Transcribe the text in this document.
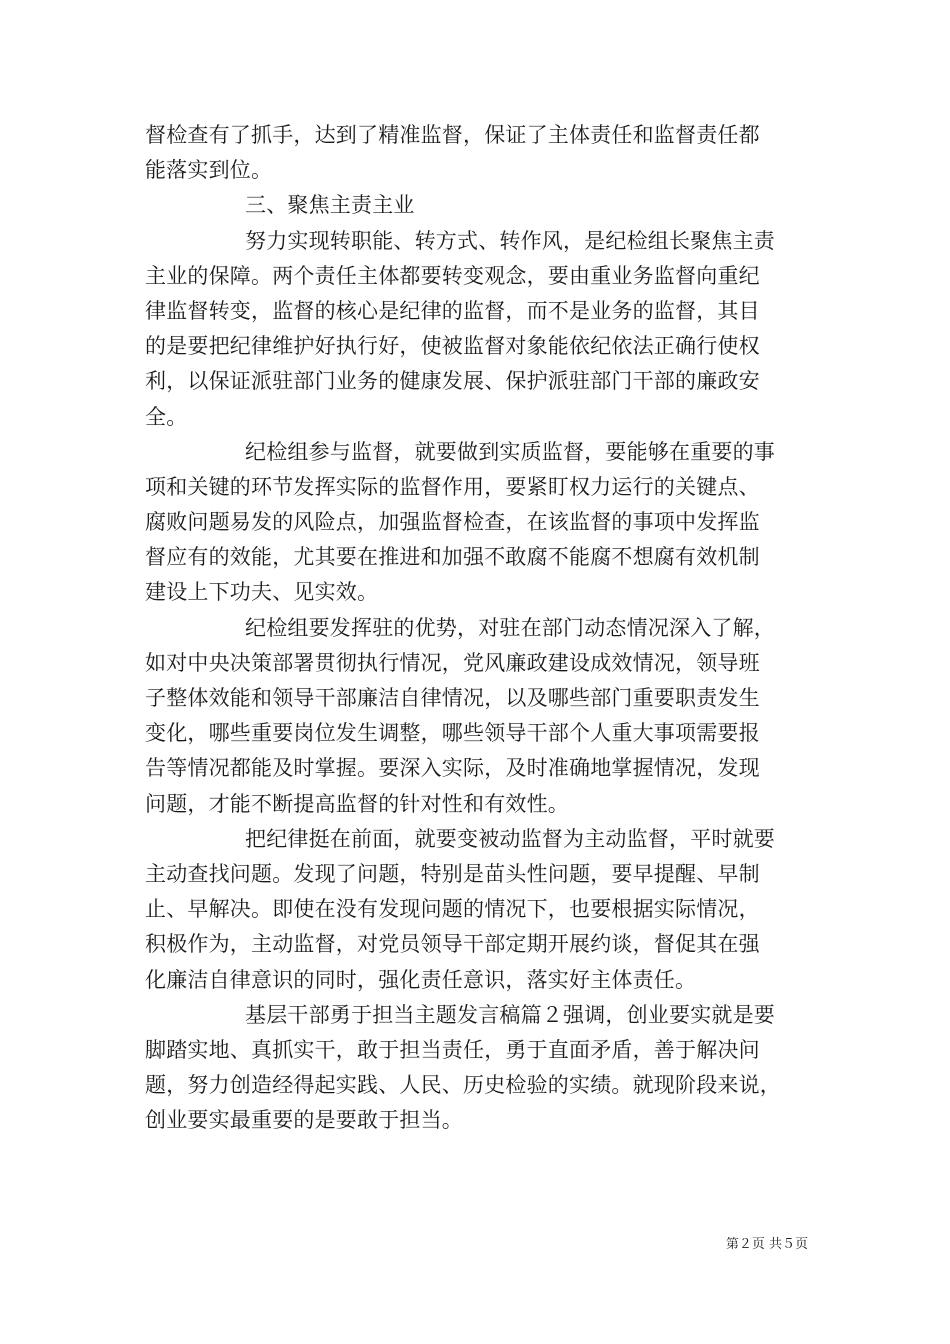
督检查有了抓手，达到了精准监督，保证了主体责任和监督责任都
能落实到位。
三、聚焦主责主业
努力实现转职能、转方式、转作风，是纪检组长聚焦主责
主业的保障。两个责任主体都要转变观念，要由重业务监督向重纪
律监督转变，监督的核心是纪律的监督，而不是业务的监督，其目
的是要把纪律维护好执行好，使被监督对象能依纪依法正确行使权
利，以保证派驻部门业务的健康发展、保护派驻部门干部的廉政安
全。
纪检组参与监督，就要做到实质监督，要能够在重要的事
项和关键的环节发挥实际的监督作用，要紧盯权力运行的关键点、
腐败问题易发的风险点，加强监督检查，在该监督的事项中发挥监
督应有的效能，尤其要在推进和加强不敢腐不能腐不想腐有效机制
建设上下功夫、见实效。
纪检组要发挥驻的优势，对驻在部门动态情况深入了解，
如对中央决策部署贯彻执行情况，党风廉政建设成效情况，领导班
子整体效能和领导干部廉洁自律情况，以及哪些部门重要职责发生
变化，哪些重要岗位发生调整，哪些领导干部个人重大事项需要报
告等情况都能及时掌握。要深入实际，及时准确地掌握情况，发现
问题，才能不断提高监督的针对性和有效性。
把纪律挺在前面，就要变被动监督为主动监督，平时就要
主动查找问题。发现了问题，特别是苗头性问题，要早提醒、早制
止、早解决。即使在没有发现问题的情况下，也要根据实际情况，
积极作为，主动监督，对党员领导干部定期开展约谈，督促其在强
化廉洁自律意识的同时，强化责任意识，落实好主体责任。
基层干部勇于担当主题发言稿篇２强调，创业要实就是要
脚踏实地、真抓实干，敢于担当责任，勇于直面矛盾，善于解决问
题，努力创造经得起实践、人民、历史检验的实绩。就现阶段来说，
创业要实最重要的是要敢于担当。
第２页 共５页
